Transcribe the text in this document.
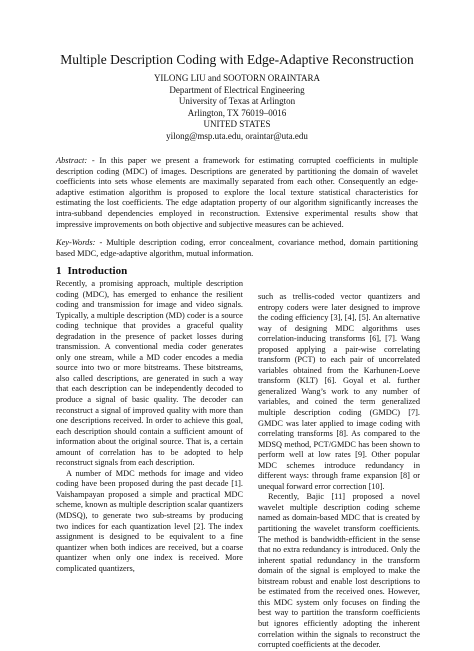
Multiple Description Coding with Edge-Adaptive Reconstruction
YILONG LIU and SOOTORN ORAINTARA
Department of Electrical Engineering
University of Texas at Arlington
Arlington, TX 76019–0016
UNITED STATES
yilong@msp.uta.edu, oraintar@uta.edu
Abstract: - In this paper we present a framework for estimating corrupted coefficients in multiple description coding (MDC) of images. Descriptions are generated by partitioning the domain of wavelet coefficients into sets whose elements are maximally separated from each other. Consequently an edge-adaptive estimation algorithm is proposed to explore the local texture statistical characteristics for estimating the lost coefficients. The edge adaptation property of our algorithm significantly increases the intra-subband dependencies employed in reconstruction. Extensive experimental results show that impressive improvements on both objective and subjective measures can be achieved.
Key-Words: - Multiple description coding, error concealment, covariance method, domain partitioning based MDC, edge-adaptive algorithm, mutual information.
1 Introduction

Recently, a promising approach, multiple description coding (MDC), has emerged to enhance the resilient coding and transmission for image and video signals. Typically, a multiple description (MD) coder is a source coding technique that provides a graceful quality degradation in the presence of packet losses during transmission. A conventional media coder generates only one stream, while a MD coder encodes a media source into two or more bitstreams. These bitstreams, also called descriptions, are generated in such a way that each description can be independently decoded to produce a signal of basic quality. The decoder can reconstruct a signal of improved quality with more than one descriptions received. In order to achieve this goal, each description should contain a sufficient amount of information about the original source. That is, a certain amount of correlation has to be adopted to help reconstruct signals from each description.

A number of MDC methods for image and video coding have been proposed during the past decade [1]. Vaishampayan proposed a simple and practical MDC scheme, known as multiple description scalar quantizers (MDSQ), to generate two sub-streams by producing two indices for each quantization level [2]. The index assignment is designed to be equivalent to a fine quantizer when both indices are received, but a coarse quantizer when only one index is received. More complicated quantizers,

such as trellis-coded vector quantizers and entropy coders were later designed to improve the coding efficiency [3], [4], [5]. An alternative way of designing MDC algorithms uses correlation-inducing transforms [6], [7]. Wang proposed applying a pair-wise correlating transform (PCT) to each pair of uncorrelated variables obtained from the Karhunen-Loeve transform (KLT) [6]. Goyal et al. further generalized Wang’s work to any number of variables, and coined the term generalized multiple description coding (GMDC) [7]. GMDC was later applied to image coding with correlating transforms [8]. As compared to the MDSQ method, PCT/GMDC has been shown to perform well at low rates [9]. Other popular MDC schemes introduce redundancy in different ways: through frame expansion [8] or unequal forward error correction [10].

Recently, Bajic [11] proposed a novel wavelet multiple description coding scheme named as domain-based MDC that is created by partitioning the wavelet transform coefficients. The method is bandwidth-efficient in the sense that no extra redundancy is introduced. Only the inherent spatial redundancy in the transform domain of the signal is employed to make the bitstream robust and enable lost descriptions to be estimated from the received ones. However, this MDC system only focuses on finding the best way to partition the transform coefficients but ignores efficiently adopting the inherent correlation within the signals to reconstruct the corrupted coefficients at the decoder.
